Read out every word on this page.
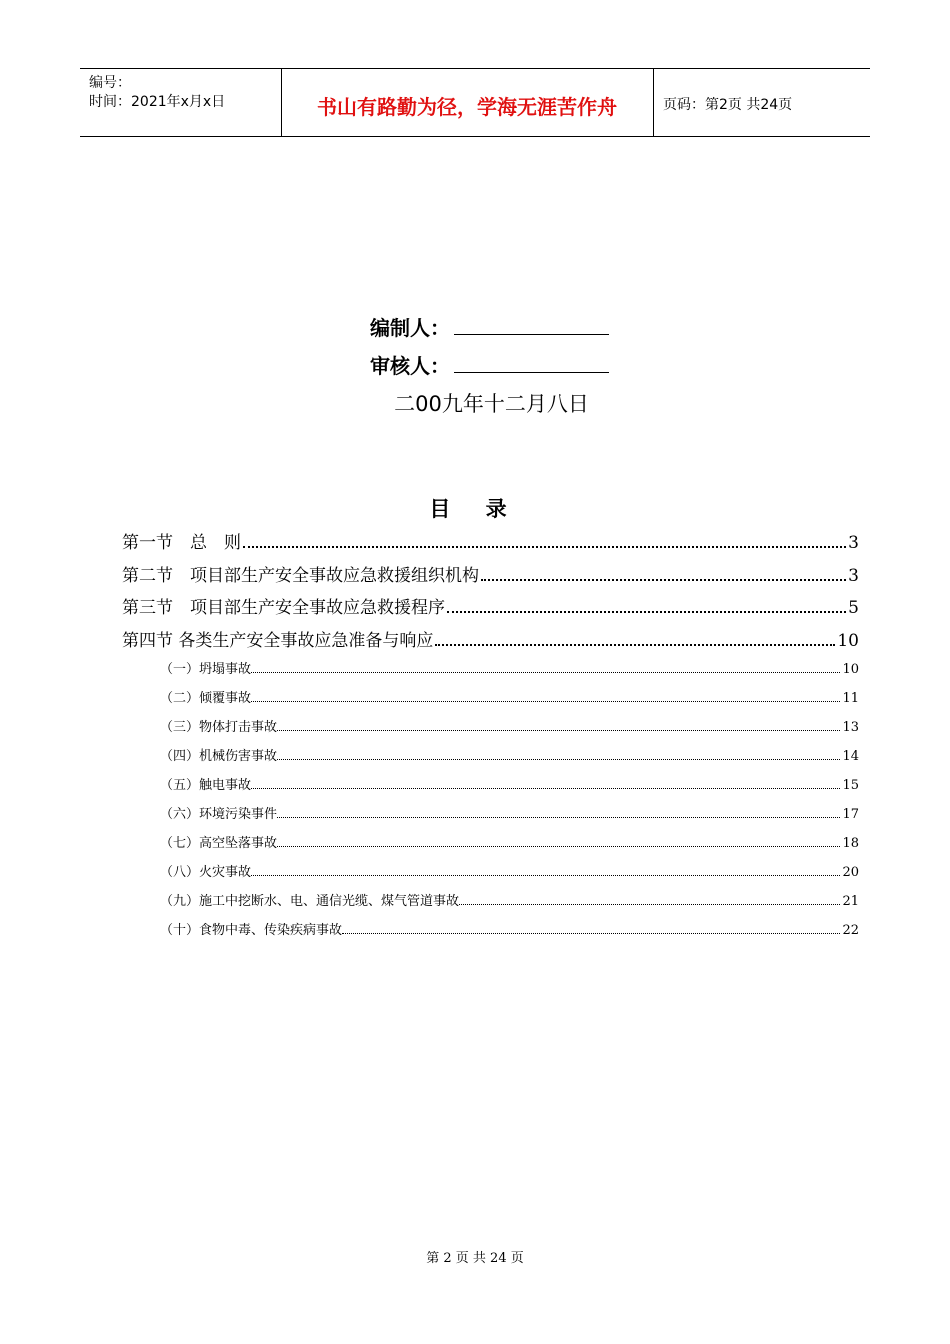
编号：
时间：2021年x月x日	书山有路勤为径，学海无涯苦作舟	页码：第2页 共24页
编制人：
审核人：
二00九年十二月八日
目 录
第一节　总　则	3
第二节　项目部生产安全事故应急救援组织机构	3
第三节　项目部生产安全事故应急救援程序	5
第四节 各类生产安全事故应急准备与响应	10
（一）坍塌事故	10
（二）倾覆事故	11
（三）物体打击事故	13
（四）机械伤害事故	14
（五）触电事故	15
（六）环境污染事件	17
（七）高空坠落事故	18
（八）火灾事故	20
（九）施工中挖断水、电、通信光缆、煤气管道事故	21
（十）食物中毒、传染疾病事故	22
第 2 页 共 24 页
